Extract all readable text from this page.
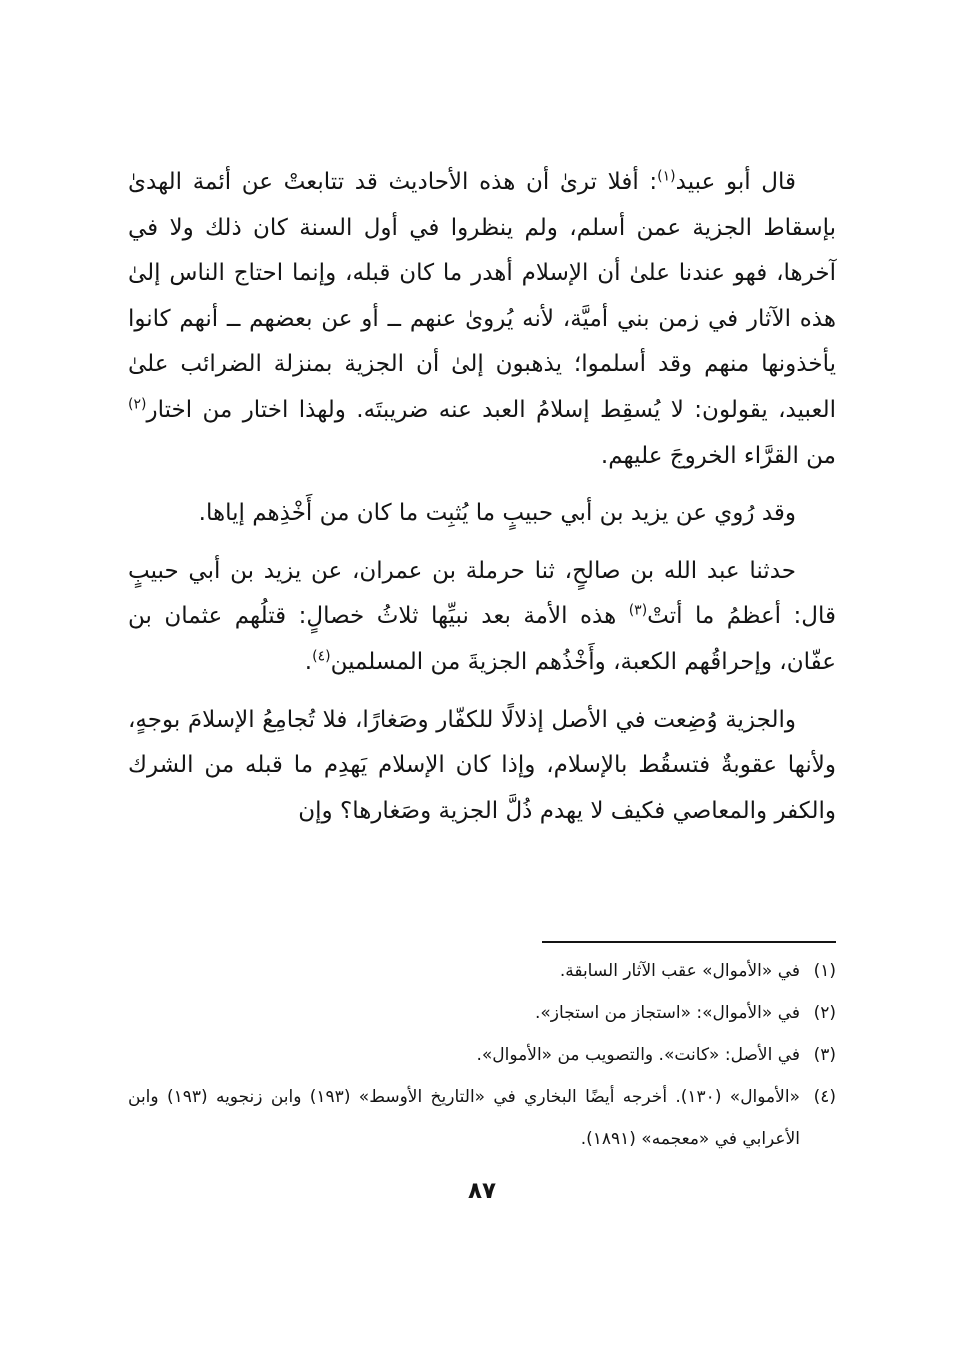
قال أبو عبيد$^{(١)}$: أفلا ترىٰ أن هذه الأحاديث قد تتابعتْ عن أئمة الهدىٰ بإسقاط الجزية عمن أسلم، ولم ينظروا في أول السنة كان ذلك ولا في آخرها، فهو عندنا علىٰ أن الإسلام أهدر ما كان قبله، وإنما احتاج الناس إلىٰ هذه الآثار في زمن بني أميَّة، لأنه يُروىٰ عنهم ــ أو عن بعضهم ــ أنهم كانوا يأخذونها منهم وقد أسلموا؛ يذهبون إلىٰ أن الجزية بمنزلة الضرائب علىٰ العبيد، يقولون: لا يُسقِط إسلامُ العبد عنه ضريبتَه. ولهذا اختار من اختار$^{(٢)}$ من القرَّاء الخروجَ عليهم.

وقد رُوي عن يزيد بن أبي حبيبٍ ما يُثبِت ما كان من أَخْذِهم إياها.

حدثنا عبد الله بن صالحٍ، ثنا حرملة بن عمران، عن يزيد بن أبي حبيبٍ قال: أعظمُ ما أتتْ$^{(٣)}$ هذه الأمة بعد نبيِّها ثلاثُ خصالٍ: قتلُهم عثمان بن عفّان، وإحراقُهم الكعبة، وأَخْذُهم الجزيةَ من المسلمين$^{(٤)}$.

والجزية وُضِعت في الأصل إذلالًا للكفّار وصَغارًا، فلا تُجامِعُ الإسلامَ بوجهٍ، ولأنها عقوبةٌ فتسقُط بالإسلام، وإذا كان الإسلام يَهدِم ما قبله من الشرك والكفر والمعاصي فكيف لا يهدم ذُلَّ الجزية وصَغارها؟ وإن

(١)
في «الأموال» عقب الآثار السابقة.
(٢)
في «الأموال»: «استجاز من استجاز».
(٣)
في الأصل: «كانت». والتصويب من «الأموال».
(٤)
«الأموال» (١٣٠). أخرجه أيضًا البخاري في «التاريخ الأوسط» (١٩٣) وابن زنجويه (١٩٣) وابن الأعرابي في «معجمه» (١٨٩١).
٨٧
